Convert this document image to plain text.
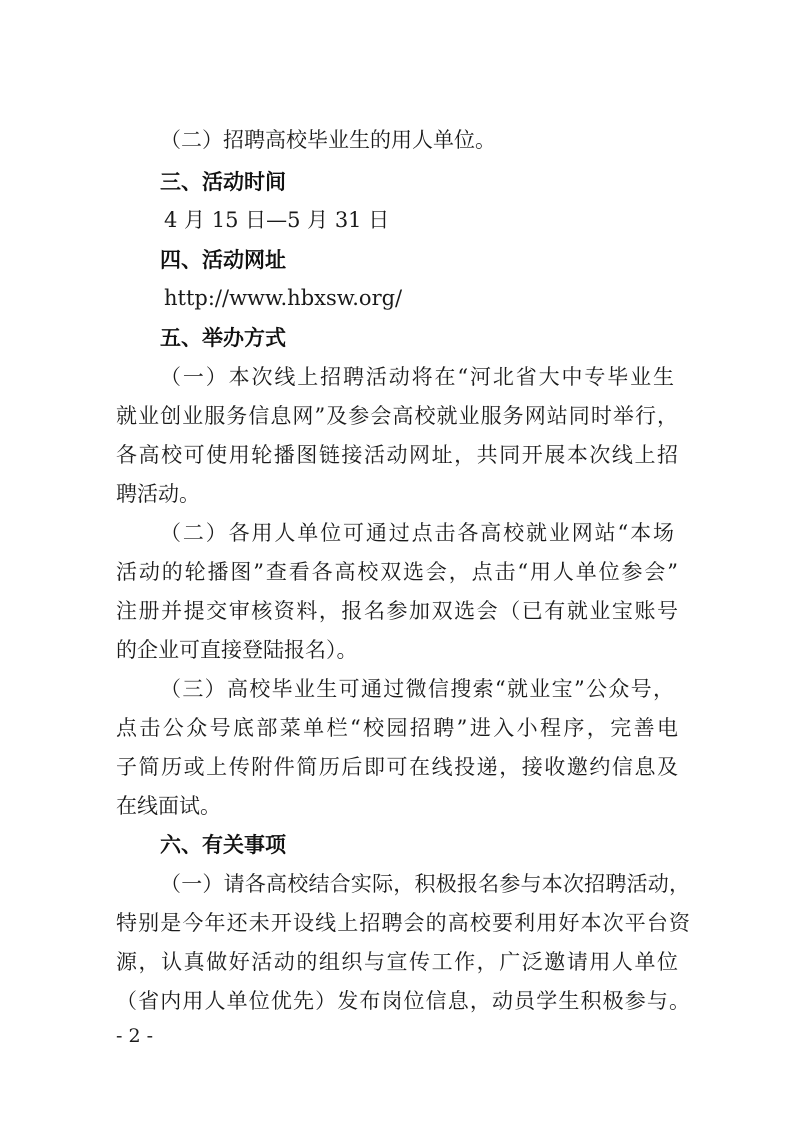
（二）招聘高校毕业生的用人单位。
三、活动时间
4 月 15 日—5 月 31 日
四、活动网址
http://www.hbxsw.org/
五、举办方式
（一）本次线上招聘活动将在“河北省大中专毕业生
就业创业服务信息网”及参会高校就业服务网站同时举行，
各高校可使用轮播图链接活动网址，共同开展本次线上招
聘活动。
（二）各用人单位可通过点击各高校就业网站“本场
活动的轮播图”查看各高校双选会，点击“用人单位参会”
注册并提交审核资料，报名参加双选会（已有就业宝账号
的企业可直接登陆报名）。
（三）高校毕业生可通过微信搜索“就业宝”公众号，
点击公众号底部菜单栏“校园招聘”进入小程序，完善电
子简历或上传附件简历后即可在线投递，接收邀约信息及
在线面试。
六、有关事项
（一）请各高校结合实际，积极报名参与本次招聘活动，
特别是今年还未开设线上招聘会的高校要利用好本次平台资
源，认真做好活动的组织与宣传工作，广泛邀请用人单位
（省内用人单位优先）发布岗位信息，动员学生积极参与。
- 2 -
